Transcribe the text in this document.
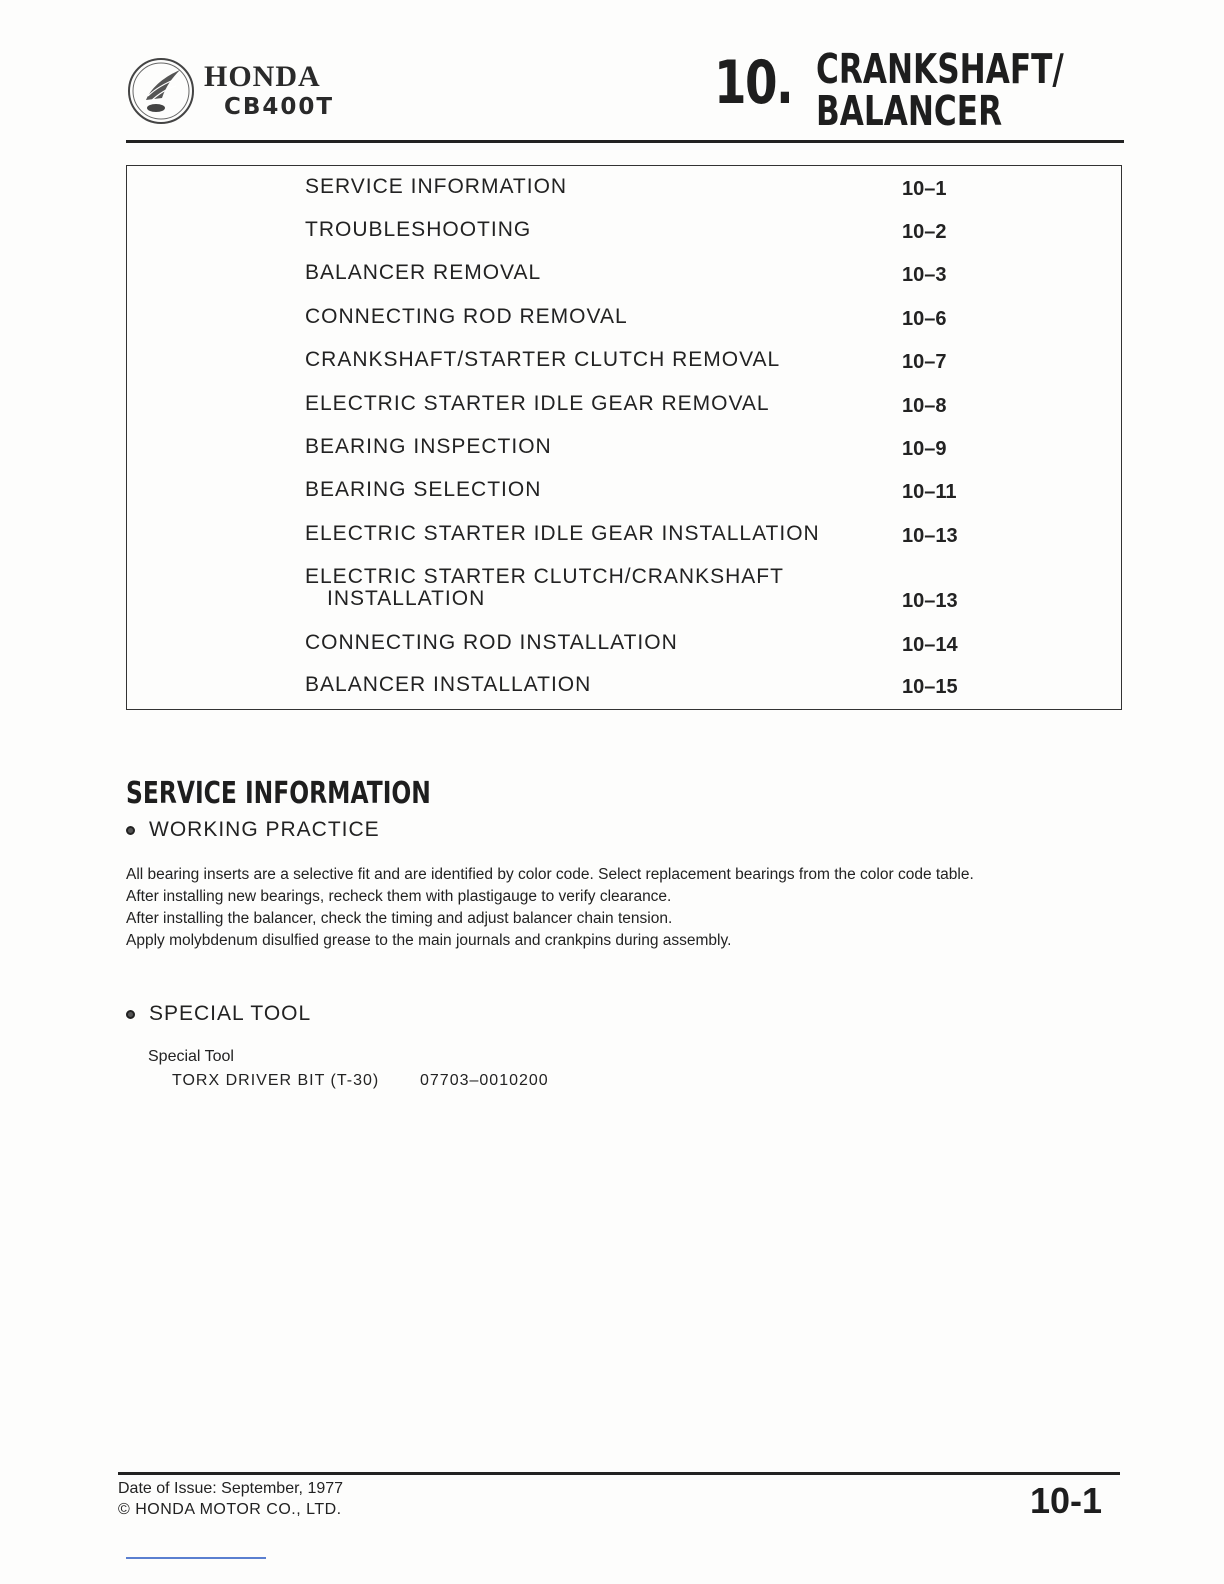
HONDA
CB400T	10. CRANKSHAFT/
BALANCER
SERVICE INFORMATION	10–1
TROUBLESHOOTING	10–2
BALANCER REMOVAL	10–3
CONNECTING ROD REMOVAL	10–6
CRANKSHAFT/STARTER CLUTCH REMOVAL	10–7
ELECTRIC STARTER IDLE GEAR REMOVAL	10–8
BEARING INSPECTION	10–9
BEARING SELECTION	10–11
ELECTRIC STARTER IDLE GEAR INSTALLATION	10–13
ELECTRIC STARTER CLUTCH/CRANKSHAFT
INSTALLATION	10–13
CONNECTING ROD INSTALLATION	10–14
BALANCER INSTALLATION	10–15
SERVICE INFORMATION
WORKING PRACTICE
All bearing inserts are a selective fit and are identified by color code. Select replacement bearings from the color code table.
After installing new bearings, recheck them with plastigauge to verify clearance.
After installing the balancer, check the timing and adjust balancer chain tension.
Apply molybdenum disulfied grease to the main journals and crankpins during assembly.
SPECIAL TOOL
Special Tool
TORX DRIVER BIT (T-30)	07703–0010200
Date of Issue: September, 1977
© HONDA MOTOR CO., LTD.	10-1
